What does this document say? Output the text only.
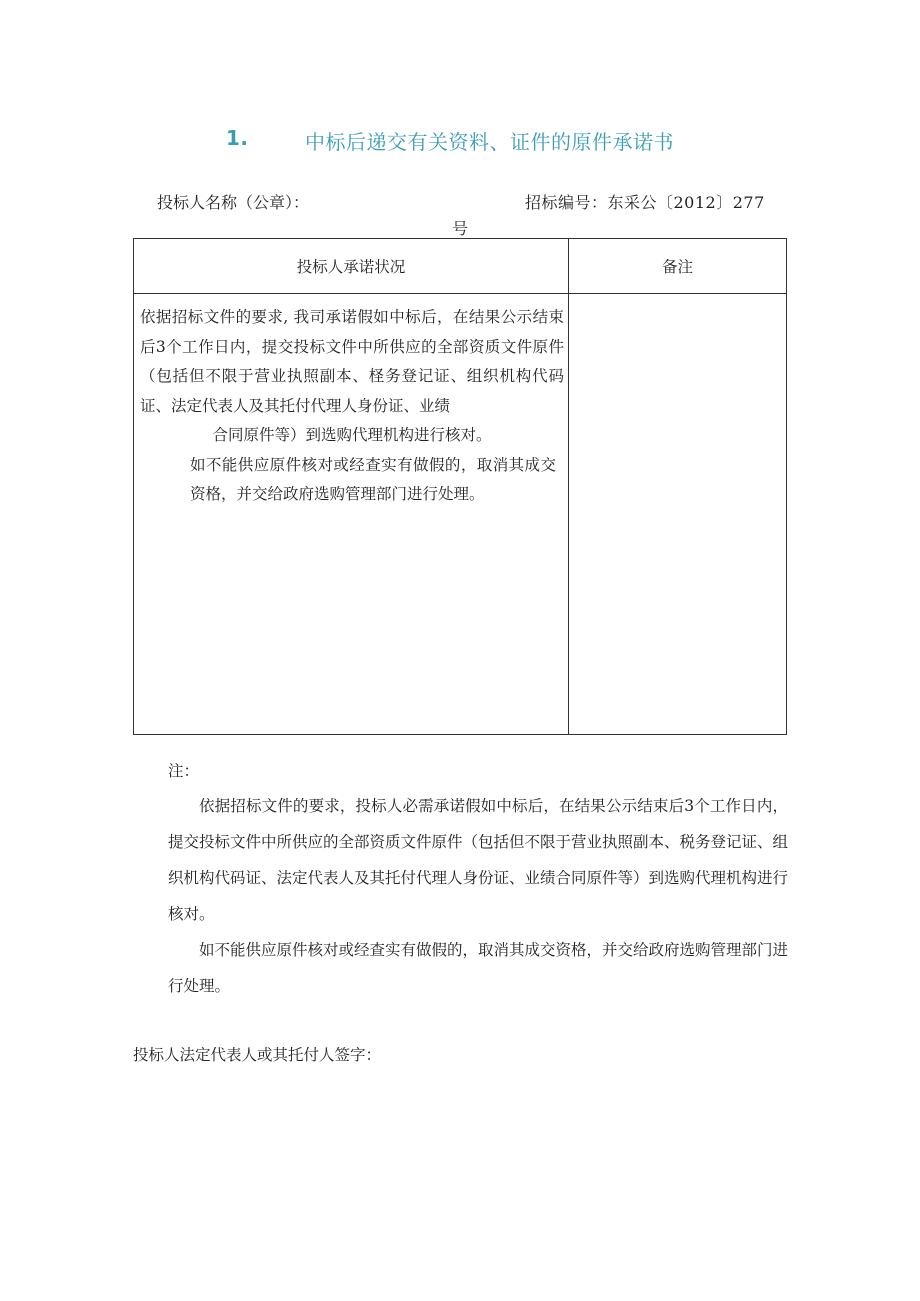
1.	中标后递交有关资料、证件的原件承诺书
投标人名称（公章）：	招标编号：东采公〔2012〕277
号
投标人承诺状况	备注

依据招标文件的要求, 我司承诺假如中标后，在结果公示结束后3个工作日内，提交投标文件中所供应的全部资质文件原件（包括但不限于营业执照副本、柽务登记证、组织机构代码证、法定代表人及其托付代理人身份证、业绩
合同原件等）到选购代理机构进行核对。

如不能供应原件核对或经查实有做假的，取消其成交资格，并交给政府选购管理部门进行处理。	

注：

依据招标文件的要求，投标人必需承诺假如中标后，在结果公示结束后3个工作日内，提交投标文件中所供应的全部资质文件原件（包括但不限于营业执照副本、税务登记证、组织机构代码证、法定代表人及其托付代理人身份证、业绩合同原件等）到选购代理机构进行核对。

如不能供应原件核对或经查实有做假的，取消其成交资格，并交给政府选购管理部门进行处理。

投标人法定代表人或其托付人签字：
